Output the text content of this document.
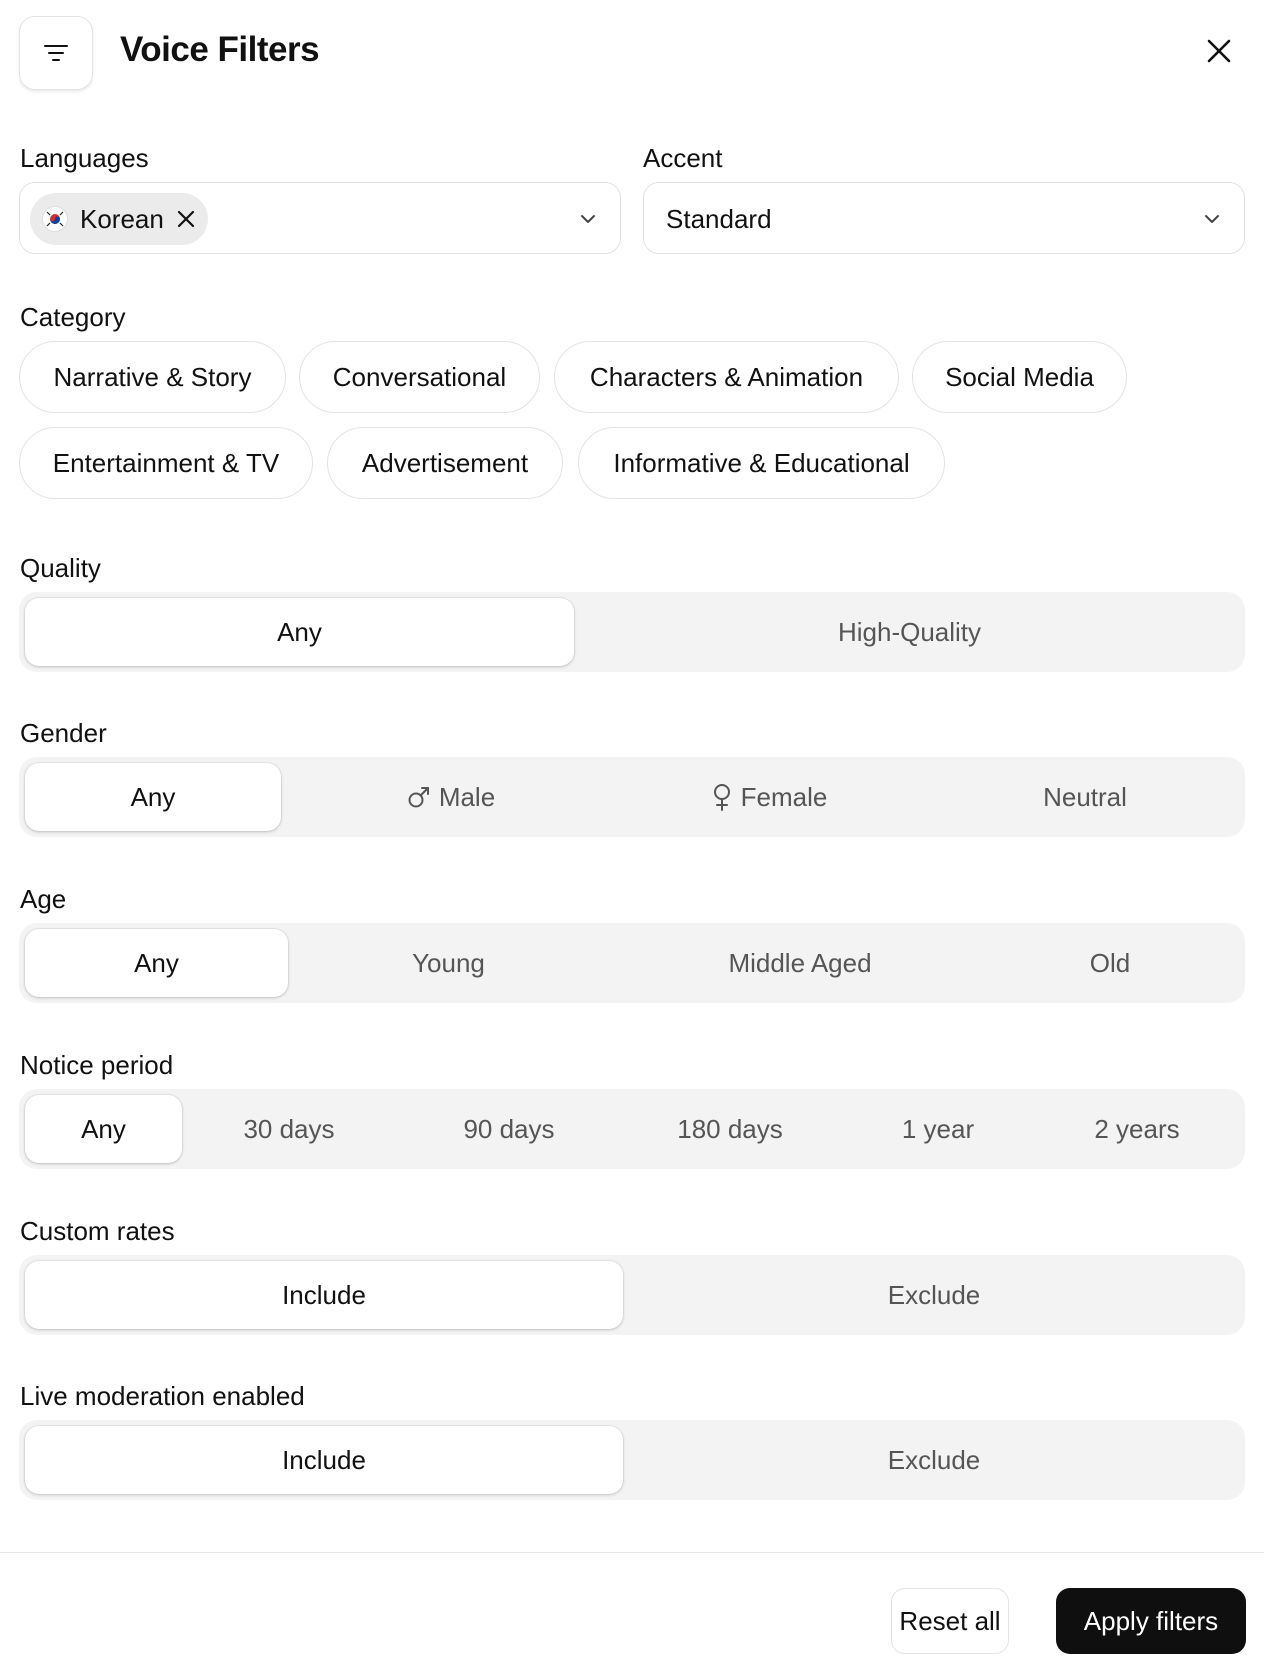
Voice Filters
Languages
Korean
Accent
Standard
Category
Narrative & Story	Conversational	Characters & Animation	Social Media
Entertainment & TV	Advertisement	Informative & Educational
Quality
Any	High-Quality
Gender
Any	Male	Female	Neutral
Age
Any	Young	Middle Aged	Old
Notice period
Any	30 days	90 days	180 days	1 year	2 years
Custom rates
Include	Exclude
Live moderation enabled
Include	Exclude
Reset all	Apply filters
